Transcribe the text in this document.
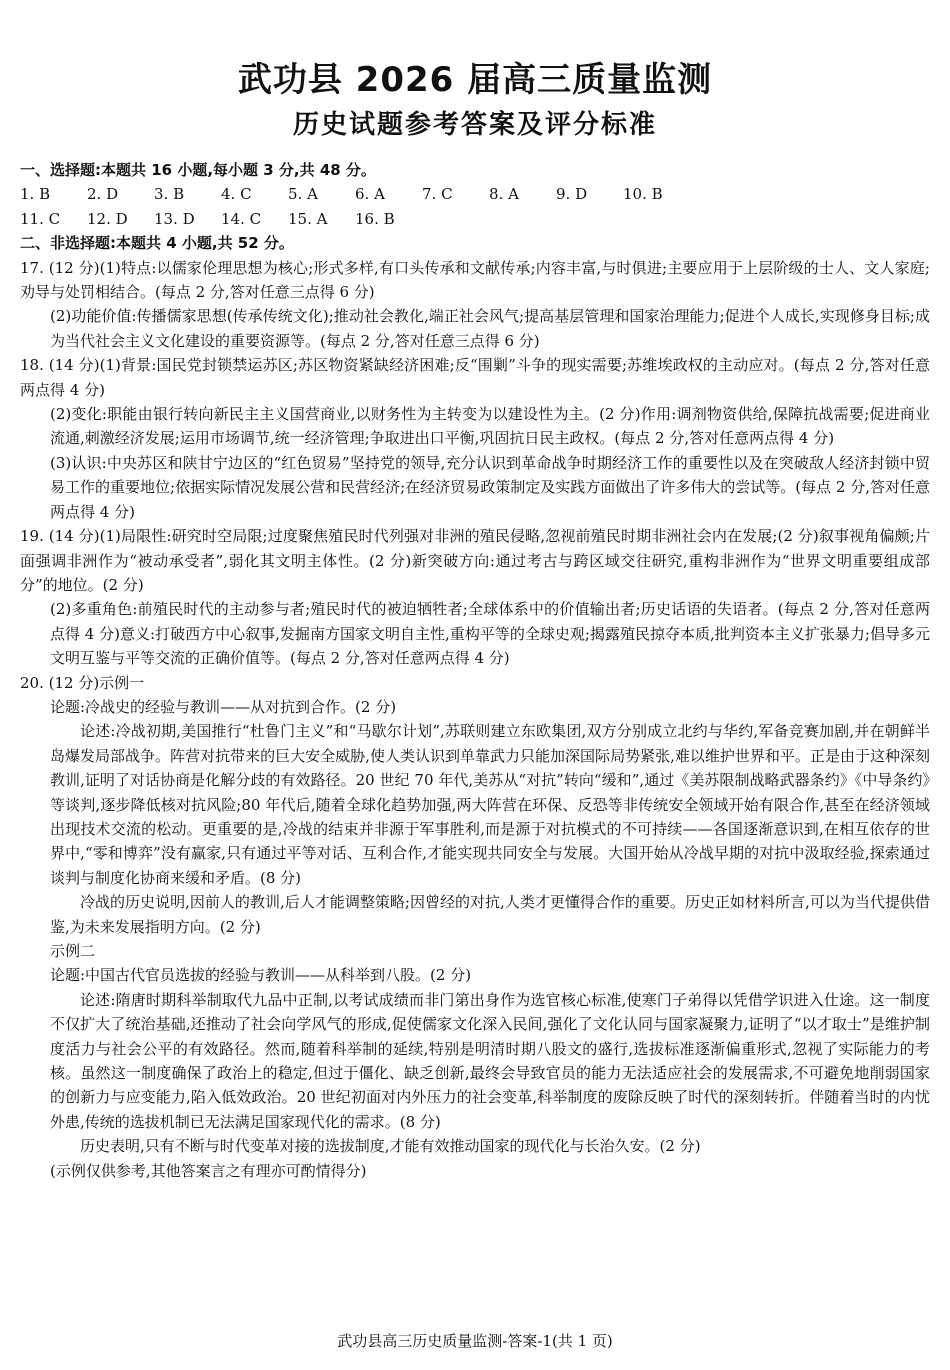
武功县 2026 届高三质量监测
历史试题参考答案及评分标准

一、选择题:本题共 16 小题,每小题 3 分,共 48 分。

1. B	2. D	3. B	4. C	5. A	6. A	7. C	8. A	9. D	10. B
11. C	12. D	13. D	14. C	15. A	16. B

二、非选择题:本题共 4 小题,共 52 分。

17. (12 分)(1)特点:以儒家伦理思想为核心;形式多样,有口头传承和文献传承;内容丰富,与时俱进;主要应用于上层阶级的士人、文人家庭;劝导与处罚相结合。(每点 2 分,答对任意三点得 6 分)

(2)功能价值:传播儒家思想(传承传统文化);推动社会教化,端正社会风气;提高基层管理和国家治理能力;促进个人成长,实现修身目标;成为当代社会主义文化建设的重要资源等。(每点 2 分,答对任意三点得 6 分)

18. (14 分)(1)背景:国民党封锁禁运苏区;苏区物资紧缺经济困难;反“围剿”斗争的现实需要;苏维埃政权的主动应对。(每点 2 分,答对任意两点得 4 分)

(2)变化:职能由银行转向新民主主义国营商业,以财务性为主转变为以建设性为主。(2 分)作用:调剂物资供给,保障抗战需要;促进商业流通,刺激经济发展;运用市场调节,统一经济管理;争取进出口平衡,巩固抗日民主政权。(每点 2 分,答对任意两点得 4 分)

(3)认识:中央苏区和陕甘宁边区的“红色贸易”坚持党的领导,充分认识到革命战争时期经济工作的重要性以及在突破敌人经济封锁中贸易工作的重要地位;依据实际情况发展公营和民营经济;在经济贸易政策制定及实践方面做出了许多伟大的尝试等。(每点 2 分,答对任意两点得 4 分)

19. (14 分)(1)局限性:研究时空局限;过度聚焦殖民时代列强对非洲的殖民侵略,忽视前殖民时期非洲社会内在发展;(2 分)叙事视角偏颇;片面强调非洲作为“被动承受者”,弱化其文明主体性。(2 分)新突破方向:通过考古与跨区域交往研究,重构非洲作为“世界文明重要组成部分”的地位。(2 分)

(2)多重角色:前殖民时代的主动参与者;殖民时代的被迫牺牲者;全球体系中的价值输出者;历史话语的失语者。(每点 2 分,答对任意两点得 4 分)意义:打破西方中心叙事,发掘南方国家文明自主性,重构平等的全球史观;揭露殖民掠夺本质,批判资本主义扩张暴力;倡导多元文明互鉴与平等交流的正确价值等。(每点 2 分,答对任意两点得 4 分)

20. (12 分)示例一

论题:冷战史的经验与教训——从对抗到合作。(2 分)

论述:冷战初期,美国推行“杜鲁门主义”和“马歇尔计划”,苏联则建立东欧集团,双方分别成立北约与华约,军备竞赛加剧,并在朝鲜半岛爆发局部战争。阵营对抗带来的巨大安全威胁,使人类认识到单靠武力只能加深国际局势紧张,难以维护世界和平。正是由于这种深刻教训,证明了对话协商是化解分歧的有效路径。20 世纪 70 年代,美苏从“对抗”转向“缓和”,通过《美苏限制战略武器条约》《中导条约》等谈判,逐步降低核对抗风险;80 年代后,随着全球化趋势加强,两大阵营在环保、反恐等非传统安全领域开始有限合作,甚至在经济领域出现技术交流的松动。更重要的是,冷战的结束并非源于军事胜利,而是源于对抗模式的不可持续——各国逐渐意识到,在相互依存的世界中,“零和博弈”没有赢家,只有通过平等对话、互利合作,才能实现共同安全与发展。大国开始从冷战早期的对抗中汲取经验,探索通过谈判与制度化协商来缓和矛盾。(8 分)

冷战的历史说明,因前人的教训,后人才能调整策略;因曾经的对抗,人类才更懂得合作的重要。历史正如材料所言,可以为当代提供借鉴,为未来发展指明方向。(2 分)

示例二

论题:中国古代官员选拔的经验与教训——从科举到八股。(2 分)

论述:隋唐时期科举制取代九品中正制,以考试成绩而非门第出身作为选官核心标准,使寒门子弟得以凭借学识进入仕途。这一制度不仅扩大了统治基础,还推动了社会向学风气的形成,促使儒家文化深入民间,强化了文化认同与国家凝聚力,证明了“以才取士”是维护制度活力与社会公平的有效路径。然而,随着科举制的延续,特别是明清时期八股文的盛行,选拔标准逐渐偏重形式,忽视了实际能力的考核。虽然这一制度确保了政治上的稳定,但过于僵化、缺乏创新,最终会导致官员的能力无法适应社会的发展需求,不可避免地削弱国家的创新力与应变能力,陷入低效政治。20 世纪初面对内外压力的社会变革,科举制度的废除反映了时代的深刻转折。伴随着当时的内忧外患,传统的选拔机制已无法满足国家现代化的需求。(8 分)

历史表明,只有不断与时代变革对接的选拔制度,才能有效推动国家的现代化与长治久安。(2 分)

(示例仅供参考,其他答案言之有理亦可酌情得分)

武功县高三历史质量监测-答案-1(共 1 页)
